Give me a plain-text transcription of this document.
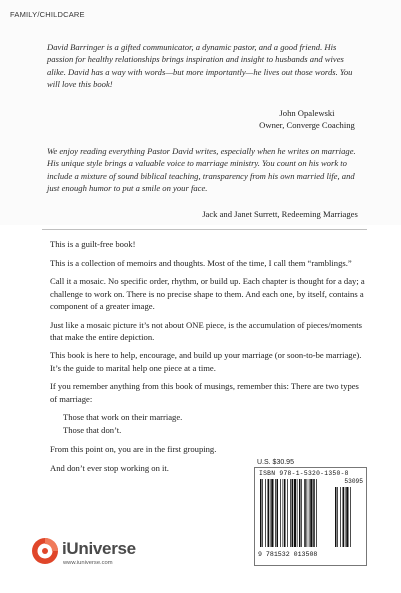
FAMILY/CHILDCARE
David Barringer is a gifted communicator, a dynamic pastor, and a good friend. His passion for healthy relationships brings inspiration and insight to husbands and wives alike. David has a way with words—but more importantly—he lives out those words. You will love this book!
John Opalewski
Owner, Converge Coaching
We enjoy reading everything Pastor David writes, especially when he writes on marriage. His unique style brings a valuable voice to marriage ministry. You count on his work to include a mixture of sound biblical teaching, transparency from his own married life, and just enough humor to put a smile on your face.
Jack and Janet Surrett, Redeeming Marriages

This is a guilt-free book!

This is a collection of memoirs and thoughts. Most of the time, I call them “ramblings.”

Call it a mosaic. No specific order, rhythm, or build up. Each chapter is thought for a day; a challenge to work on. There is no precise shape to them. And each one, by itself, contains a component of a greater image.

Just like a mosaic picture it’s not about ONE piece, is the accumulation of pieces/moments that make the entire depiction.

This book is here to help, encourage, and build up your marriage (or soon-to-be marriage). It’s the guide to marital help one piece at a time.

If you remember anything from this book of musings, remember this: There are two types of marriage:

Those that work on their marriage.

Those that don’t.

From this point on, you are in the first grouping.

And don’t ever stop working on it.

U.S. $30.95
ISBN 978-1-5320-1350-8
53095
9 781532 013508
iUniverse
www.iuniverse.com
